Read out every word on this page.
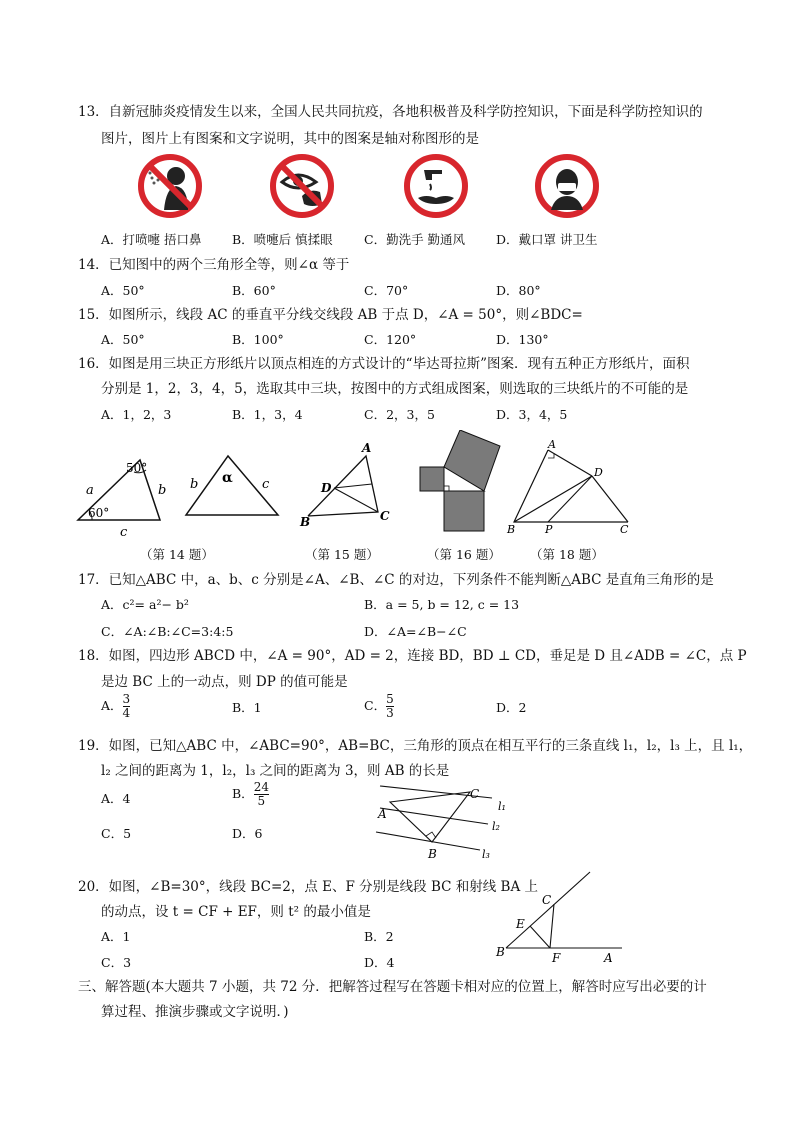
13．自新冠肺炎疫情发生以来，全国人民共同抗疫，各地积极普及科学防控知识，下面是科学防控知识的
图片，图片上有图案和文字说明，其中的图案是轴对称图形的是
A．打喷嚏 捂口鼻 B．喷嚏后 慎揉眼	C．勤洗手 勤通风 D．戴口罩 讲卫生
14．已知图中的两个三角形全等，则∠α 等于
A．50°	B．60°	C．70°	D．80°
15．如图所示，线段 AC 的垂直平分线交线段 AB 于点 D，∠A = 50°，则∠BDC=
A．50°	B．100°	C．120°	D．130°
16．如图是用三块正方形纸片以顶点相连的方式设计的“毕达哥拉斯”图案．现有五种正方形纸片，面积
分别是 1，2，3，4，5，选取其中三块，按图中的方式组成图案，则选取的三块纸片的不可能的是
A．1，2，3	B．1，3，4	C．2，3，5	D．3，4，5
50°
60°
a	b
c
α
b	c
A
B	C
D
A
B	C
D
P
（第 14 题）	（第 15 题）	（第 16 题） （第 18 题）
17．已知△ABC 中，a、b、c 分别是∠A、∠B、∠C 的对边，下列条件不能判断△ABC 是直角三角形的是
A．c²= a²− b²	B．a = 5, b = 12, c = 13
C．∠A:∠B:∠C=3:4:5	D．∠A=∠B−∠C
18．如图，四边形 ABCD 中，∠A = 90°，AD = 2，连接 BD，BD ⊥ CD，垂足是 D 且∠ADB = ∠C，点 P
是边 BC 上的一动点，则 DP 的值可能是
A． $\frac{3}{4}$	B．1	C． $\frac{5}{3}$	D．2
19．如图，已知△ABC 中，∠ABC=90°，AB=BC，三角形的顶点在相互平行的三条直线 l₁，l₂，l₃ 上，且 l₁，
l₂ 之间的距离为 1，l₂，l₃ 之间的距离为 3，则 AB 的长是
A．4	B． $\frac{24}{5}$
C．5	D．6
A
B
C
l₁
l₂
l₃
20．如图，∠B=30°，线段 BC=2，点 E、F 分别是线段 BC 和射线 BA 上
的动点，设 t = CF + EF，则 t² 的最小值是
A．1	B．2
C．3	D．4
B
C
E
F	A
三、解答题(本大题共 7 小题，共 72 分．把解答过程写在答题卡相对应的位置上，解答时应写出必要的计
算过程、推演步骤或文字说明．)
